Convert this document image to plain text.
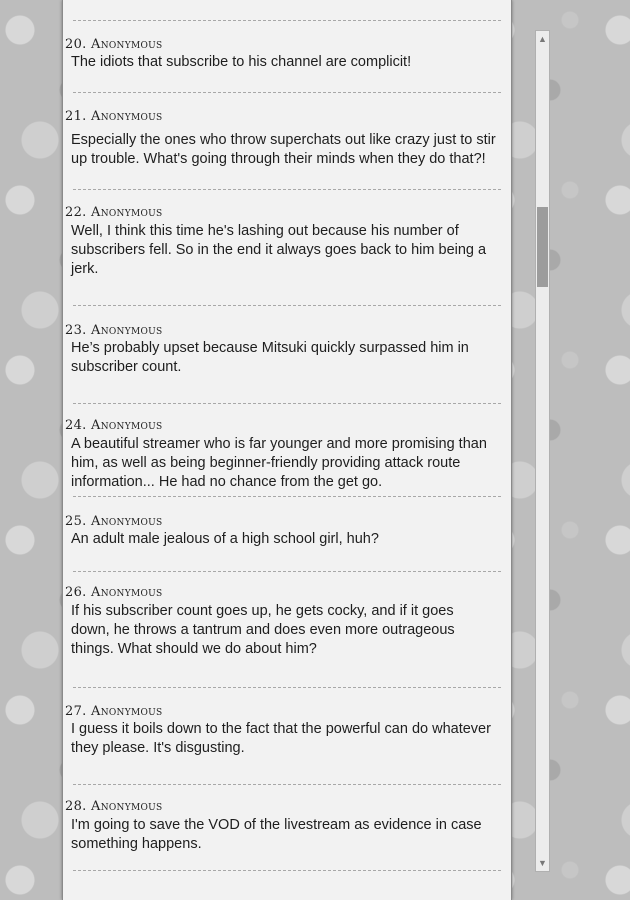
20. Anonymous
The idiots that subscribe to his channel are complicit!
21. Anonymous
Especially the ones who throw superchats out like crazy just to stir up trouble. What's going through their minds when they do that?!
22. Anonymous
Well, I think this time he's lashing out because his number of subscribers fell. So in the end it always goes back to him being a jerk.
23. Anonymous
He’s probably upset because Mitsuki quickly surpassed him in subscriber count.
24. Anonymous
A beautiful streamer who is far younger and more promising than him, as well as being beginner-friendly providing attack route information... He had no chance from the get go.
25. Anonymous
An adult male jealous of a high school girl, huh?
26. Anonymous
If his subscriber count goes up, he gets cocky, and if it goes down, he throws a tantrum and does even more outrageous things. What should we do about him?
27. Anonymous
I guess it boils down to the fact that the powerful can do whatever they please. It's disgusting.
28. Anonymous
I'm going to save the VOD of the livestream as evidence in case something happens.
▲
▼
